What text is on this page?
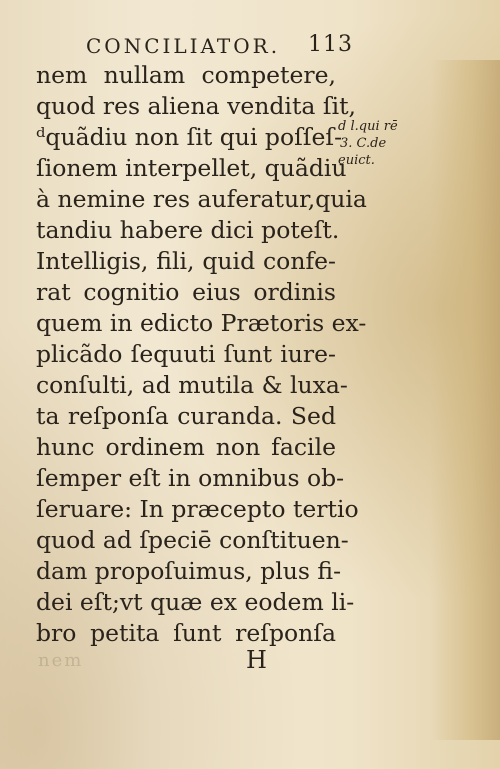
CONCILIATOR. 113
nem nullam competere,
quod res aliena vendita ſit,
ᵈquãdiu non ſit qui poſſeſ-
ſionem interpellet, quãdiu
à nemine res auferatur,quia
tandiu habere dici poteſt.
Intelligis, fili, quid confe-
rat cognitio eius ordinis
quem in edicto Prætoris ex-
plicãdo ſequuti ſunt iure-
conſulti, ad mutila & luxa-
ta reſponſa curanda. Sed
hunc ordinem non facile
ſemper eſt in omnibus ob-
ſeruare: In præcepto tertio
quod ad ſpeciē conſtituen-
dam propoſuimus, plus fi-
dei eſt;vt quæ ex eodem li-
bro petita ſunt reſponſa
d l.qui rē
3. C.de
euict.
nem	H
